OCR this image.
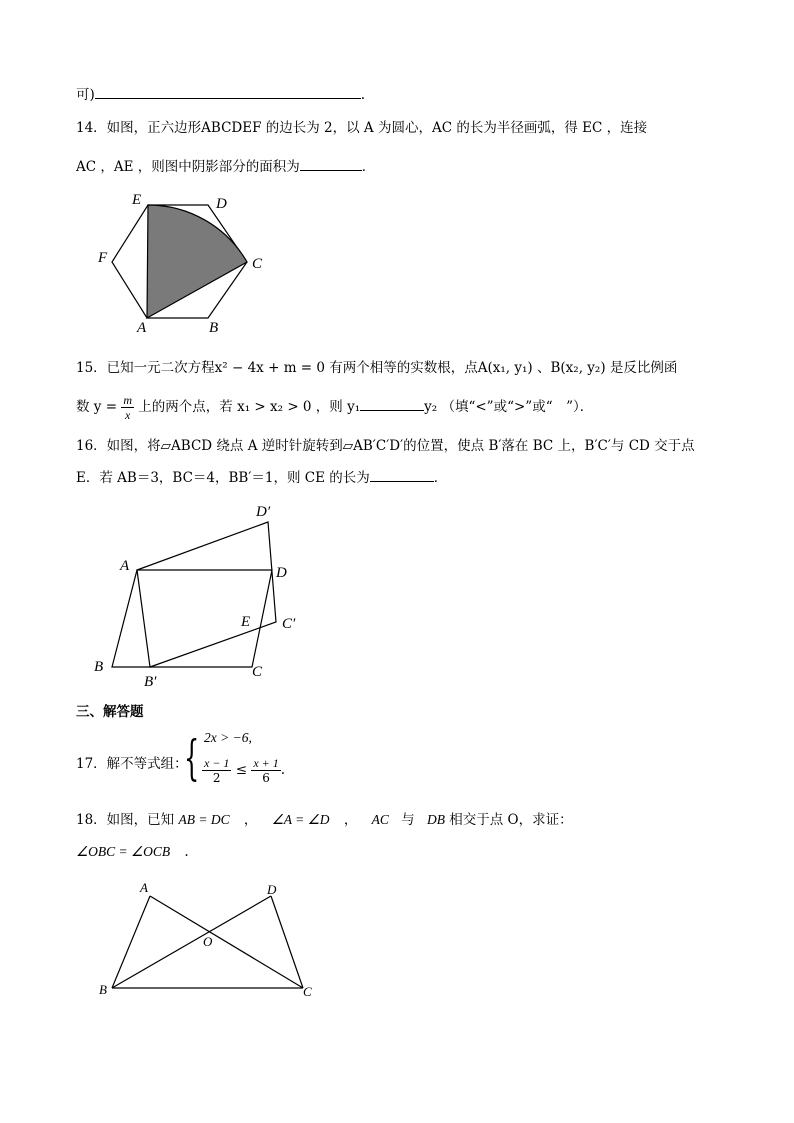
可)	.
14．如图，正六边形ABCDEF 的边长为 2，以 A 为圆心，AC 的长为半径画弧，得 EC ，连接
AC ，AE ，则图中阴影部分的面积为	．
E	D
F	C
A	B
15．已知一元二次方程x² − 4x + m = 0 有两个相等的实数根，点A(x₁, y₁) 、B(x₂, y₂) 是反比例函
数 $y = \frac{m}{x}$ 上的两个点，若 x₁ > x₂ > 0 ，则 y₁	y₂ （填“<”或“>”或“　”）．
16．如图，将▱ABCD 绕点 A 逆时针旋转到▱AB′C′D′的位置，使点 B′落在 BC 上，B′C′与 CD 交于点
E．若 AB＝3，BC＝4，BB′＝1，则 CE 的长为	．
D′
A	D
E C′
B
B′
C
三、解答题
17．解不等式组：
{ 2x > −6,
$\frac{x - 1}{2} \le \frac{x + 1}{6}$ .
18．如图，已知 AB = DC ， ∠A = ∠D ， AC 与 DB 相交于点 O，求证：
∠OBC = ∠OCB .
A	D
O
B	C
